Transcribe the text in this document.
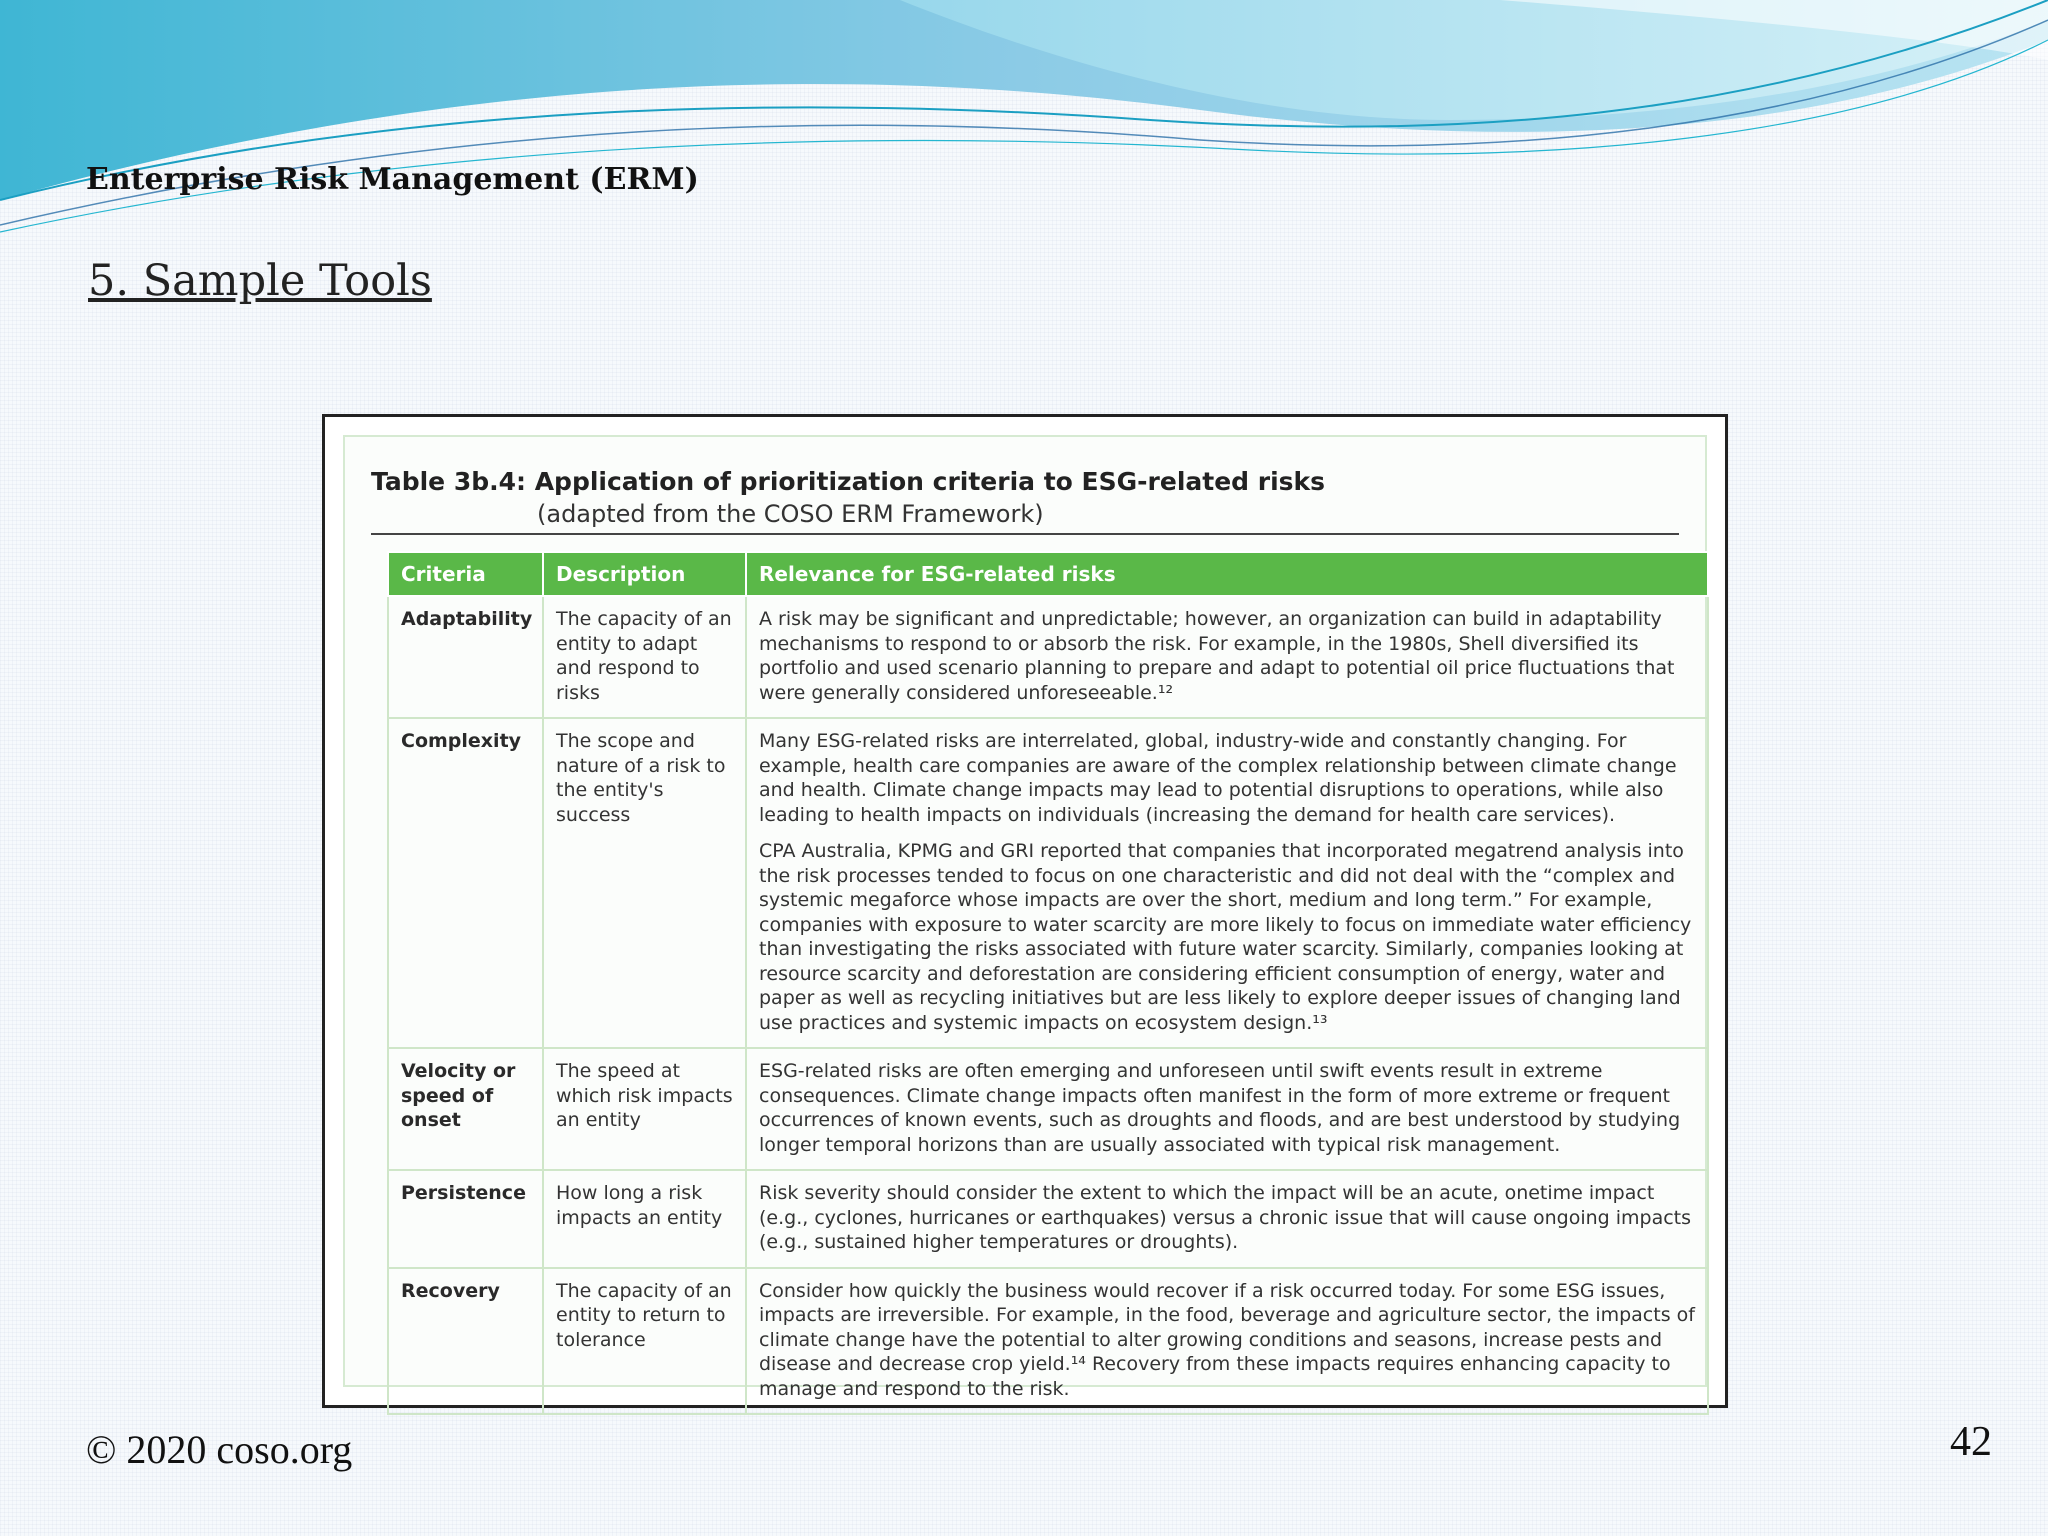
Enterprise Risk Management (ERM)
5. Sample Tools
Table 3b.4: Application of prioritization criteria to ESG-related risks
(adapted from the COSO ERM Framework)
Criteria	Description	Relevance for ESG-related risks
Adaptability	The capacity of an entity to adapt and respond to risks	A risk may be significant and unpredictable; however, an organization can build in adaptability mechanisms to respond to or absorb the risk. For example, in the 1980s, Shell diversified its portfolio and used scenario planning to prepare and adapt to potential oil price fluctuations that were generally considered unforeseeable.¹²
Complexity	The scope and nature of a risk to the entity's success	Many ESG-related risks are interrelated, global, industry-wide and constantly changing. For example, health care companies are aware of the complex relationship between climate change and health. Climate change impacts may lead to potential disruptions to operations, while also leading to health impacts on individuals (increasing the demand for health care services).
CPA Australia, KPMG and GRI reported that companies that incorporated megatrend analysis into the risk processes tended to focus on one characteristic and did not deal with the “complex and systemic megaforce whose impacts are over the short, medium and long term.” For example, companies with exposure to water scarcity are more likely to focus on immediate water efficiency than investigating the risks associated with future water scarcity. Similarly, companies looking at resource scarcity and deforestation are considering efficient consumption of energy, water and paper as well as recycling initiatives but are less likely to explore deeper issues of changing land use practices and systemic impacts on ecosystem design.¹³

Velocity or speed of onset	The speed at which risk impacts an entity	ESG-related risks are often emerging and unforeseen until swift events result in extreme consequences. Climate change impacts often manifest in the form of more extreme or frequent occurrences of known events, such as droughts and floods, and are best understood by studying longer temporal horizons than are usually associated with typical risk management.
Persistence	How long a risk impacts an entity	Risk severity should consider the extent to which the impact will be an acute, onetime impact (e.g., cyclones, hurricanes or earthquakes) versus a chronic issue that will cause ongoing impacts (e.g., sustained higher temperatures or droughts).
Recovery	The capacity of an entity to return to tolerance	Consider how quickly the business would recover if a risk occurred today. For some ESG issues, impacts are irreversible. For example, in the food, beverage and agriculture sector, the impacts of climate change have the potential to alter growing conditions and seasons, increase pests and disease and decrease crop yield.¹⁴ Recovery from these impacts requires enhancing capacity to manage and respond to the risk.
© 2020 coso.org	42
